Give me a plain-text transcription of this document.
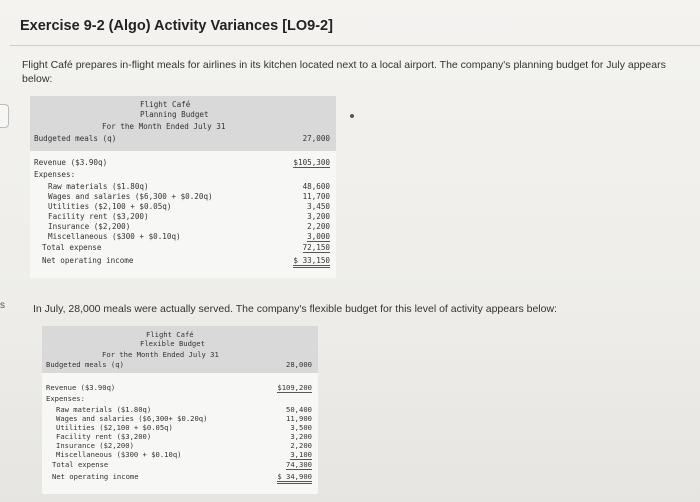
Exercise 9-2 (Algo) Activity Variances [LO9-2]
Flight Café prepares in-flight meals for airlines in its kitchen located next to a local airport. The company's planning budget for July appears below:
s
Flight Café
Planning Budget
For the Month Ended July 31
Budgeted meals (q)	27,000
Revenue ($3.90q)	$105,300
Expenses:
Raw materials ($1.80q)	48,600
Wages and salaries ($6,300 + $0.20q)	11,700
Utilities ($2,100 + $0.05q)	3,450
Facility rent ($3,200)	3,200
Insurance ($2,200)	2,200
Miscellaneous ($300 + $0.10q)	3,000
Total expense	72,150
Net operating income	$ 33,150
In July, 28,000 meals were actually served. The company's flexible budget for this level of activity appears below:
Flight Café
Flexible Budget
For the Month Ended July 31
Budgeted meals (q)	28,000
Revenue ($3.90q)	$109,200
Expenses:
Raw materials ($1.80q)	50,400
Wages and salaries ($6,300+ $0.20q)	11,900
Utilities ($2,100 + $0.05q)	3,500
Facility rent ($3,200)	3,200
Insurance ($2,200)	2,200
Miscellaneous ($300 + $0.10q)	3,100
Total expense	74,300
Net operating income	$ 34,900
